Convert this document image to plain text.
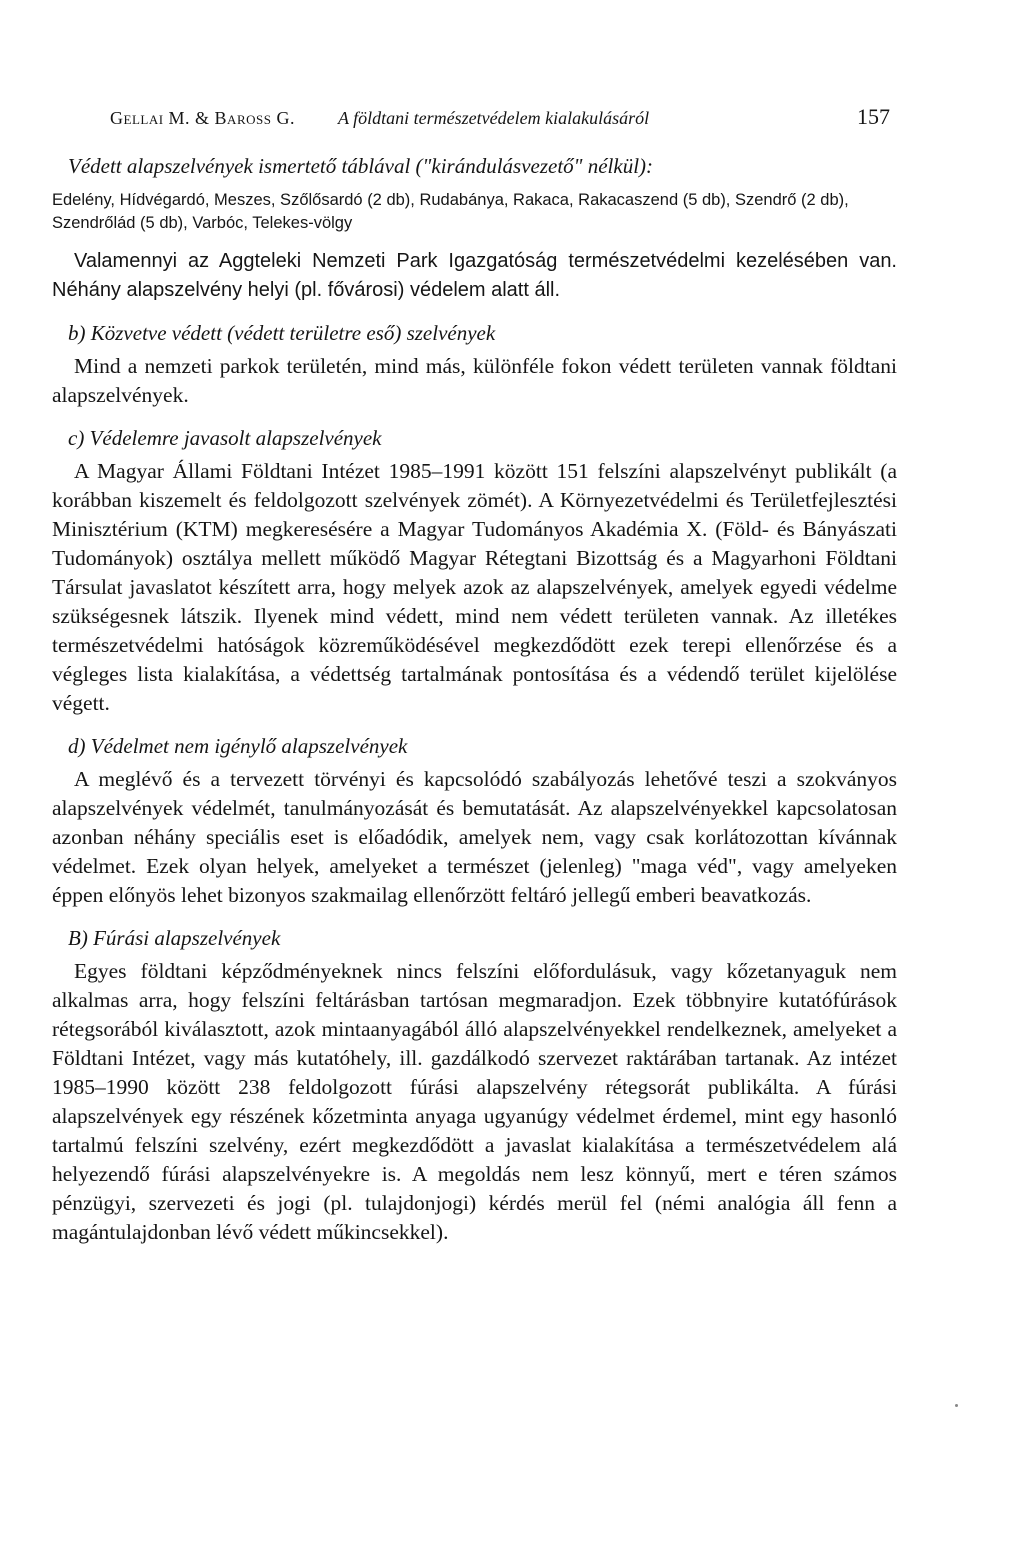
Gellai M. & Baross G. A földtani természetvédelem kialakulásáról	157
Védett alapszelvények ismertető táblával ("kirándulásvezető" nélkül):
Edelény, Hídvégardó, Meszes, Szőlősardó (2 db), Rudabánya, Rakaca, Rakacaszend (5 db), Szendrő (2 db), Szendrőlád (5 db), Varbóc, Telekes-völgy

Valamennyi az Aggteleki Nemzeti Park Igazgatóság természetvédelmi kezelésében van. Néhány alapszelvény helyi (pl. fővárosi) védelem alatt áll.

b) Közvetve védett (védett területre eső) szelvények

Mind a nemzeti parkok területén, mind más, különféle fokon védett területen vannak földtani alapszelvények.

c) Védelemre javasolt alapszelvények

A Magyar Állami Földtani Intézet 1985–1991 között 151 felszíni alapszelvényt publikált (a korábban kiszemelt és feldolgozott szelvények zömét). A Környezetvédelmi és Területfejlesztési Minisztérium (KTM) megkeresésére a Magyar Tudományos Akadémia X. (Föld- és Bányászati Tudományok) osztálya mellett működő Magyar Rétegtani Bizottság és a Magyarhoni Földtani Társulat javaslatot készített arra, hogy melyek azok az alapszelvények, amelyek egyedi védelme szükségesnek látszik. Ilyenek mind védett, mind nem védett területen vannak. Az illetékes természetvédelmi hatóságok közreműködésével megkezdődött ezek terepi ellenőrzése és a végleges lista kialakítása, a védettség tartalmának pontosítása és a védendő terület kijelölése végett.

d) Védelmet nem igénylő alapszelvények

A meglévő és a tervezett törvényi és kapcsolódó szabályozás lehetővé teszi a szokványos alapszelvények védelmét, tanulmányozását és bemutatását. Az alapszelvényekkel kapcsolatosan azonban néhány speciális eset is előadódik, amelyek nem, vagy csak korlátozottan kívánnak védelmet. Ezek olyan helyek, amelyeket a természet (jelenleg) "maga véd", vagy amelyeken éppen előnyös lehet bizonyos szakmailag ellenőrzött feltáró jellegű emberi beavatkozás.

B) Fúrási alapszelvények

Egyes földtani képződményeknek nincs felszíni előfordulásuk, vagy kőzetanyaguk nem alkalmas arra, hogy felszíni feltárásban tartósan megmaradjon. Ezek többnyire kutatófúrások rétegsorából kiválasztott, azok mintaanyagából álló alapszelvényekkel rendelkeznek, amelyeket a Földtani Intézet, vagy más kutatóhely, ill. gazdálkodó szervezet raktárában tartanak. Az intézet 1985–1990 között 238 feldolgozott fúrási alapszelvény rétegsorát publikálta. A fúrási alapszelvények egy részének kőzetminta anyaga ugyanúgy védelmet érdemel, mint egy hasonló tartalmú felszíni szelvény, ezért megkezdődött a javaslat kialakítása a természetvédelem alá helyezendő fúrási alapszelvényekre is. A megoldás nem lesz könnyű, mert e téren számos pénzügyi, szervezeti és jogi (pl. tulajdonjogi) kérdés merül fel (némi analógia áll fenn a magántulajdonban lévő védett műkincsekkel).
